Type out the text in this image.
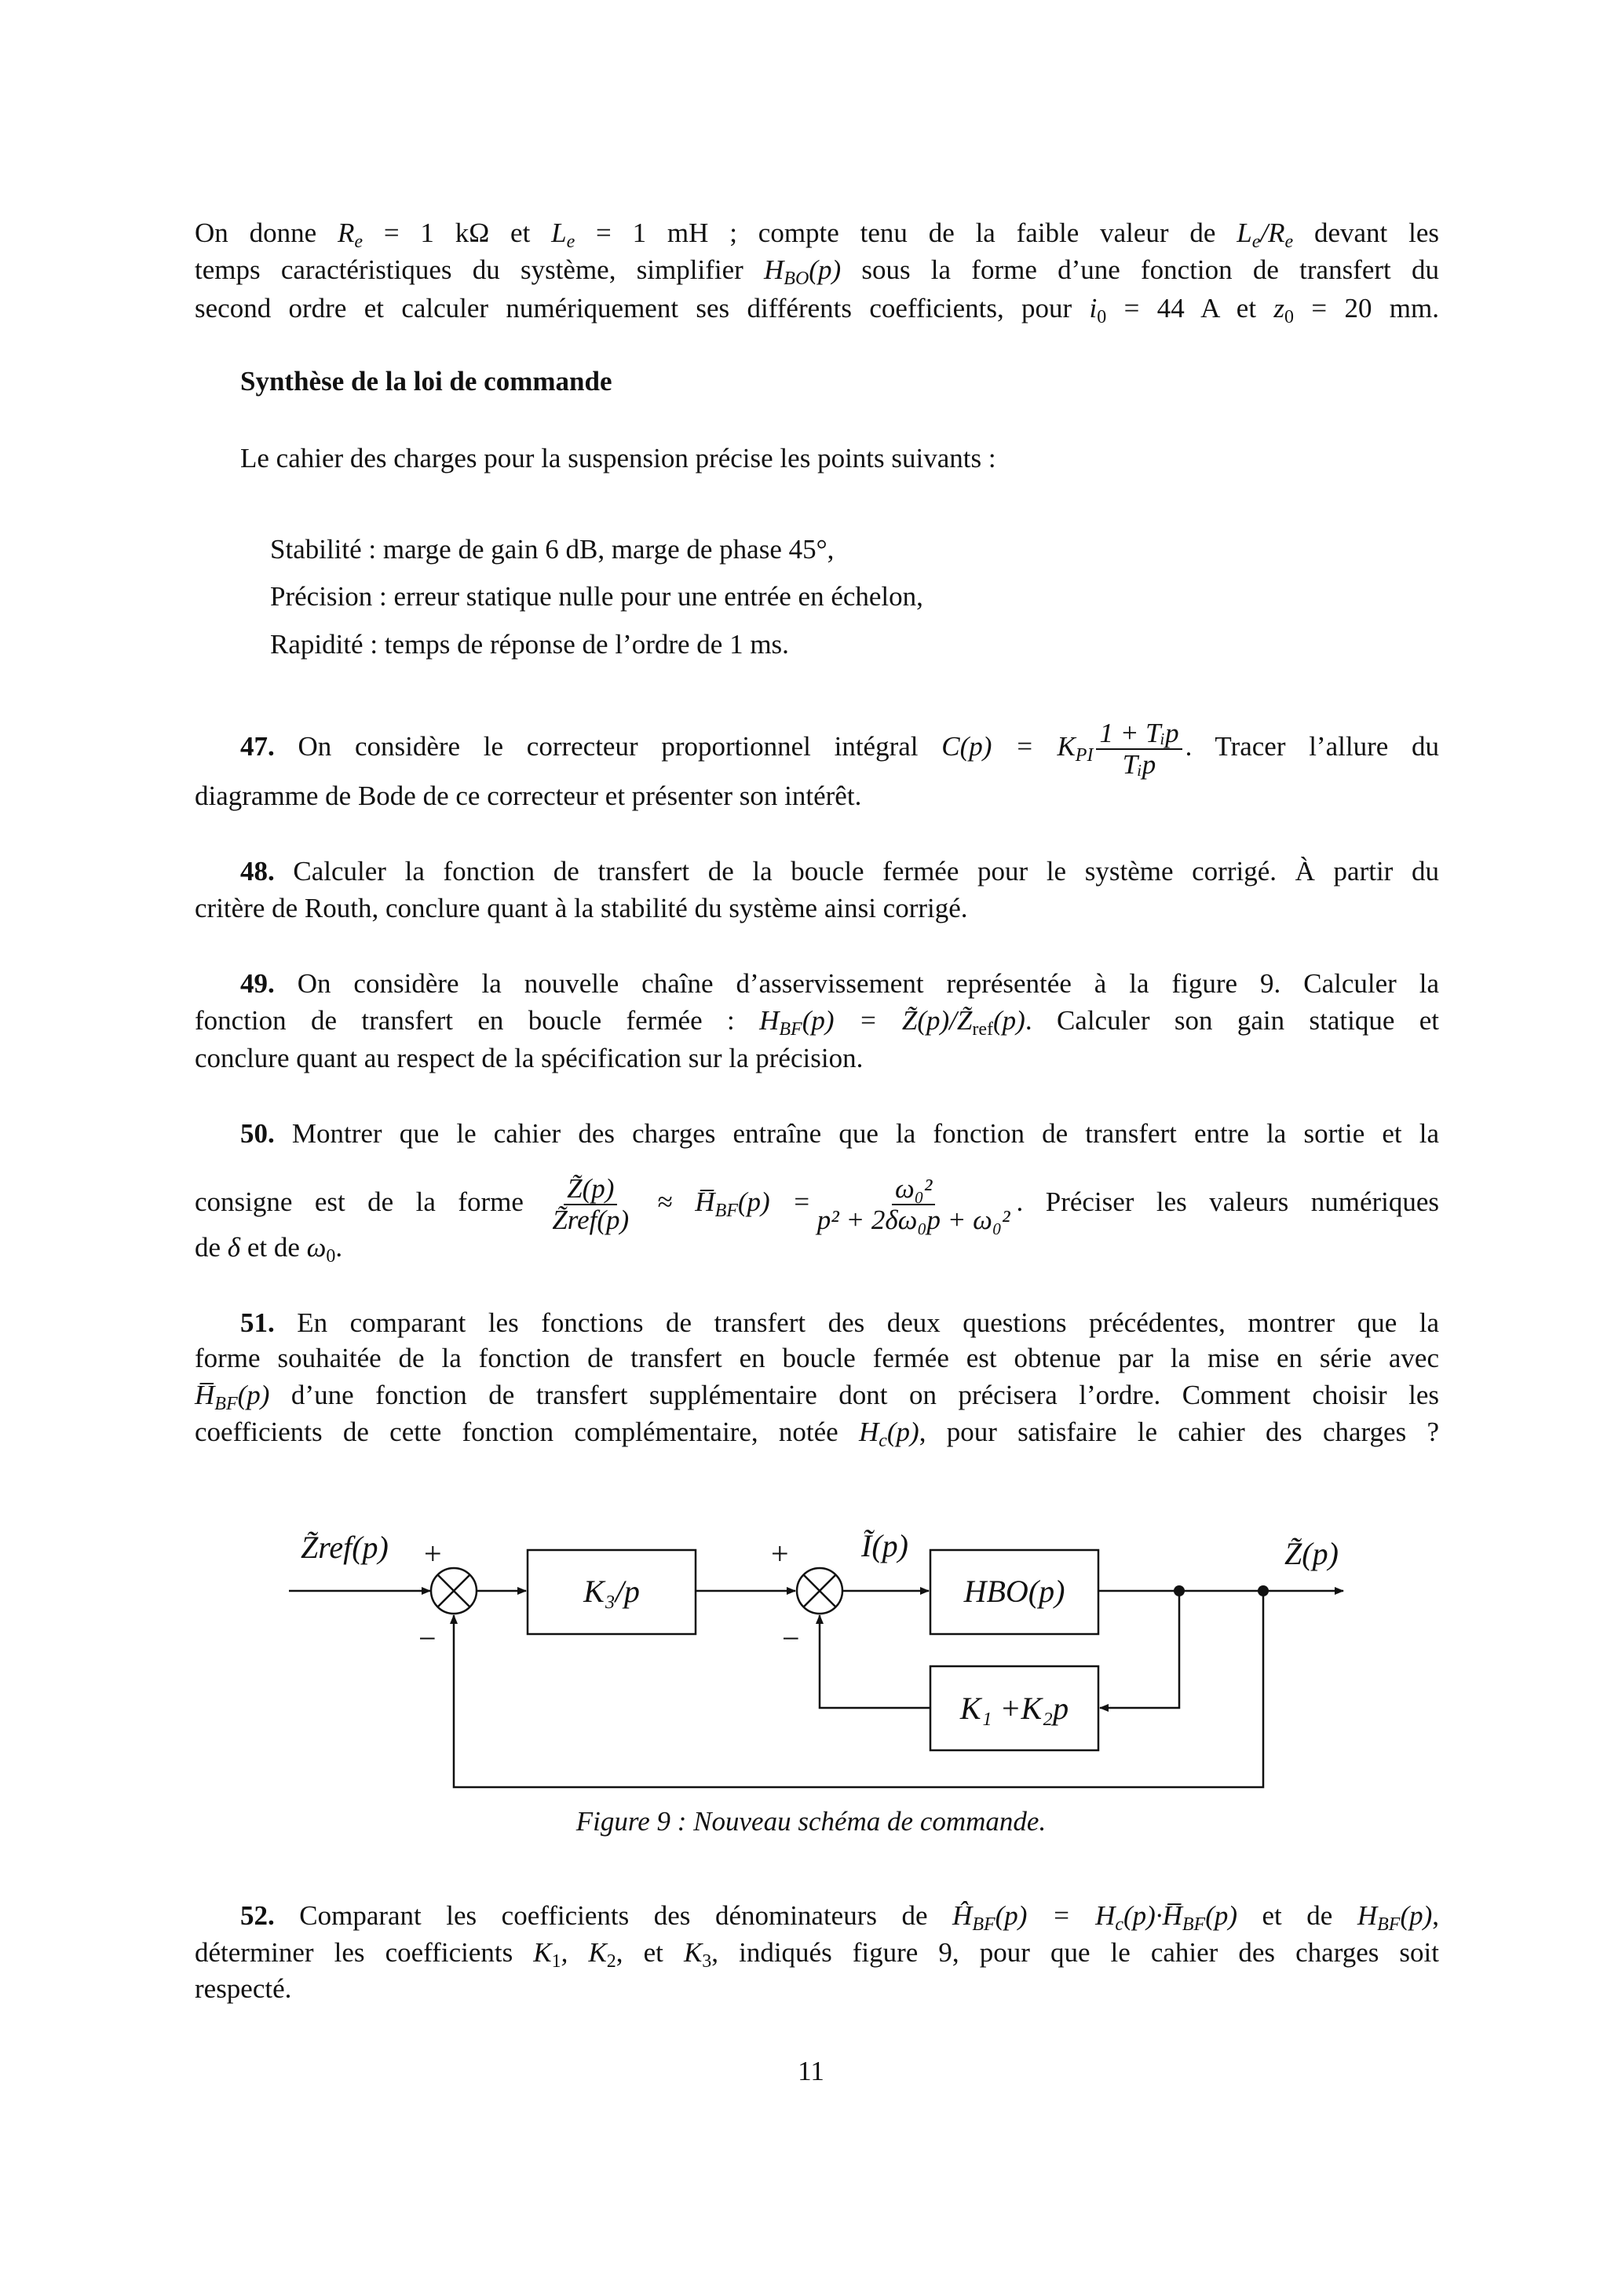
On donne $R_e = 1$ kΩ et $L_e = 1$ mH ; compte tenu de la faible valeur de $L_e/R_e$ devant les
temps caractéristiques du système, simplifier $H_{BO}(p)$ sous la forme d’une fonction de transfert du
second ordre et calculer numériquement ses différents coefficients, pour $i_0 = 44$ A et $z_0 = 20$ mm.
Synthèse de la loi de commande
Le cahier des charges pour la suspension précise les points suivants :
Stabilité : marge de gain 6 dB, marge de phase 45°,
Précision : erreur statique nulle pour une entrée en échelon,
Rapidité : temps de réponse de l’ordre de 1 ms.
47. On considère le correcteur proportionnel intégral $C(p) = K_{PI} \frac{\text{1 + Tᵢp}}{\text{Tᵢp}}$ . Tracer l’allure du
diagramme de Bode de ce correcteur et présenter son intérêt.
48. Calculer la fonction de transfert de la boucle fermée pour le système corrigé. À partir du
critère de Routh, conclure quant à la stabilité du système ainsi corrigé.
49. On considère la nouvelle chaîne d’asservissement représentée à la figure 9. Calculer la
fonction de transfert en boucle fermée : $H_{BF}(p)$ = $Z̃(p)/Z̃_{ref}(p)$. Calculer son gain statique et
conclure quant au respect de la spécification sur la précision.
50. Montrer que le cahier des charges entraîne que la fonction de transfert entre la sortie et la
consigne est de la forme $\frac{Z̃(p)}{\text{Z̃ref(p)}}$ ≈ $H̅_{BF}(p) = \frac{\text{ω₀²}}{\text{p² + 2δω₀p + ω₀²}}$ . Préciser les valeurs numériques
de δ et de $\omega_0$.
51. En comparant les fonctions de transfert des deux questions précédentes, montrer que la
forme souhaitée de la fonction de transfert en boucle fermée est obtenue par la mise en série avec
$H̅_{BF}(p)$ d’une fonction de transfert supplémentaire dont on précisera l’ordre. Comment choisir les
coefficients de cette fonction complémentaire, notée $H_c(p)$, pour satisfaire le cahier des charges ?
52. Comparant les coefficients des dénominateurs de $Ĥ_{BF}(p)$ = $H_c(p)\cdot H̅_{BF}(p)$ et de $H_{BF}(p)$,
déterminer les coefficients $K_1$, $K_2$, et $K_3$, indiqués figure 9, pour que le cahier des charges soit
respecté.
Z̃ref(p) +
−
K₃/p
+
−
Ĩ(p)
HBO(p)
K₁ +K₂p
Z̃(p)
Figure 9 : Nouveau schéma de commande.
11
